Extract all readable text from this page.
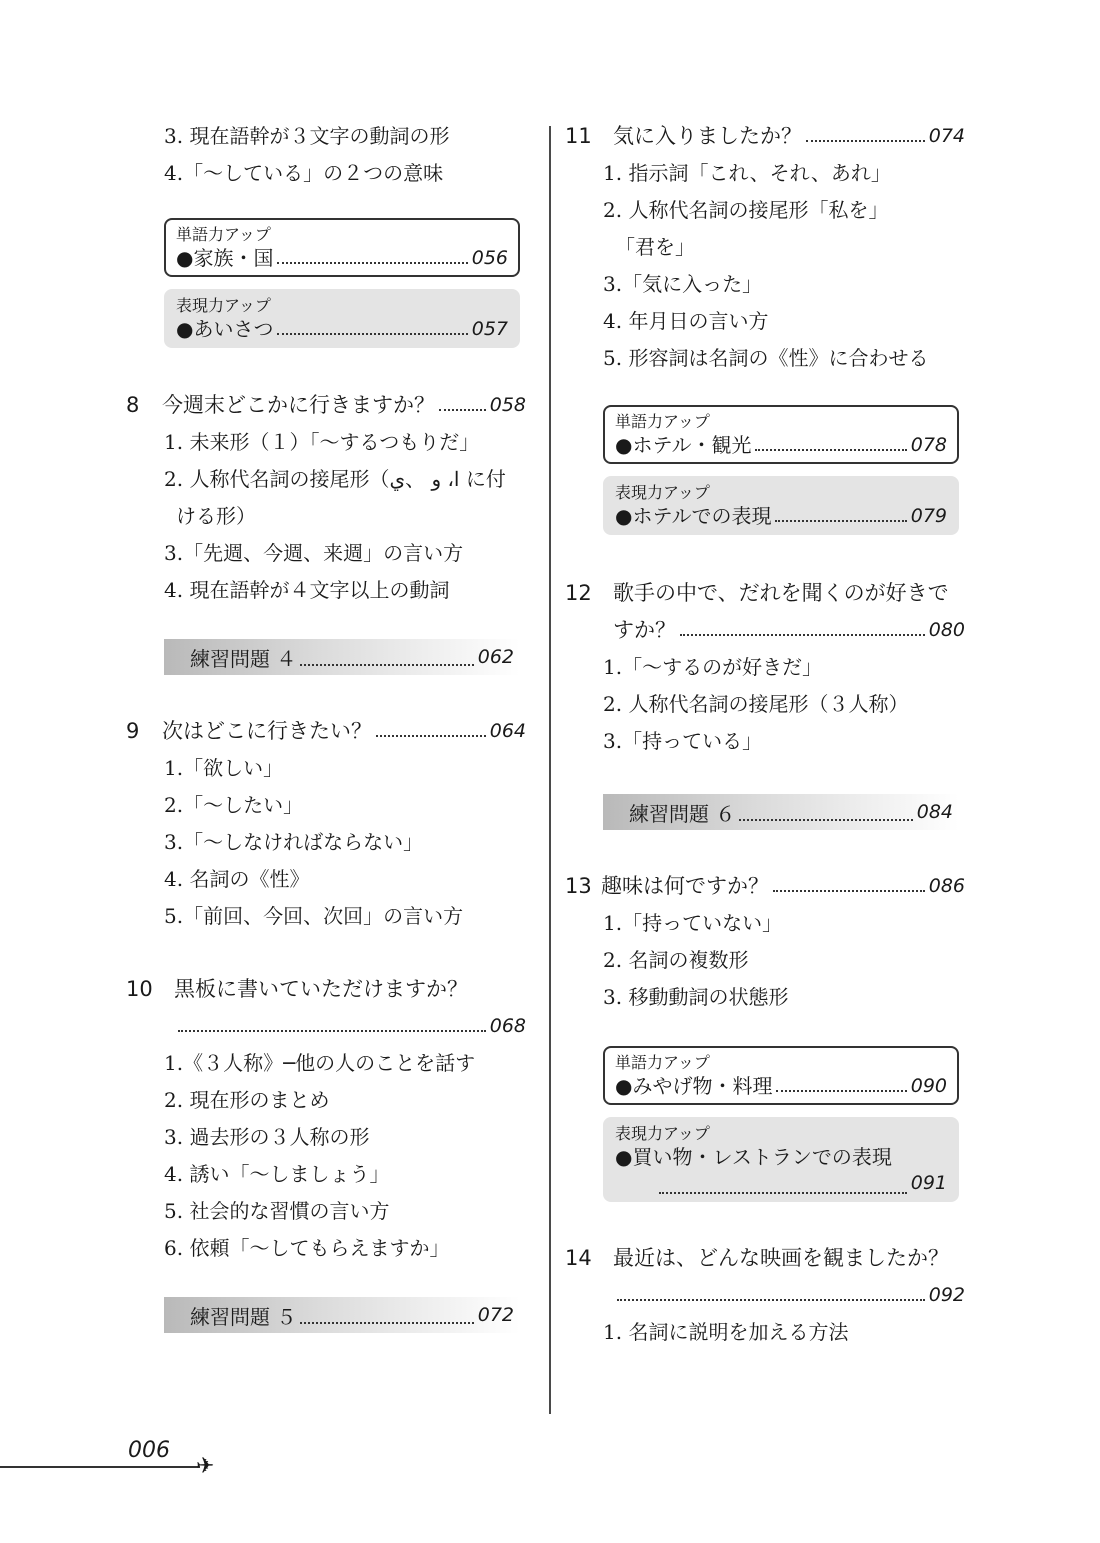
3. 現在語幹が３文字の動詞の形
4.「～している」の２つの意味
単語力アップ
●家族・国	056
表現力アップ
●あいさつ	057
8	今週末どこかに行きますか？	058
1. 未来形（１）「～するつもりだ」
2. 人称代名詞の接尾形（ا، و 、ي に付
ける形）
3.「先週、今週、来週」の言い方
4. 現在語幹が４文字以上の動詞
練習問題 ４	062
9	次はどこに行きたい？	064
1.「欲しい」
2.「～したい」
3.「～しなければならない」
4. 名詞の《性》
5.「前回、今回、次回」の言い方
10	黒板に書いていただけますか？
068
1.《３人称》─他の人のことを話す
2. 現在形のまとめ
3. 過去形の３人称の形
4. 誘い「～しましょう」
5. 社会的な習慣の言い方
6. 依頼「～してもらえますか」
練習問題 ５	072
11	気に入りましたか？	074
1. 指示詞「これ、それ、あれ」
2. 人称代名詞の接尾形「私を」
「君を」
3.「気に入った」
4. 年月日の言い方
5. 形容詞は名詞の《性》に合わせる
単語力アップ
●ホテル・観光	078
表現力アップ
●ホテルでの表現	079
12	歌手の中で、だれを聞くのが好きで
すか？	080
1.「～するのが好きだ」
2. 人称代名詞の接尾形（３人称）
3.「持っている」
練習問題 ６	084
13 趣味は何ですか？	086
1.「持っていない」
2. 名詞の複数形
3. 移動動詞の状態形
単語力アップ
●みやげ物・料理	090
表現力アップ
●買い物・レストランでの表現
091
14	最近は、どんな映画を観ましたか？
092
1. 名詞に説明を加える方法
006
✈
